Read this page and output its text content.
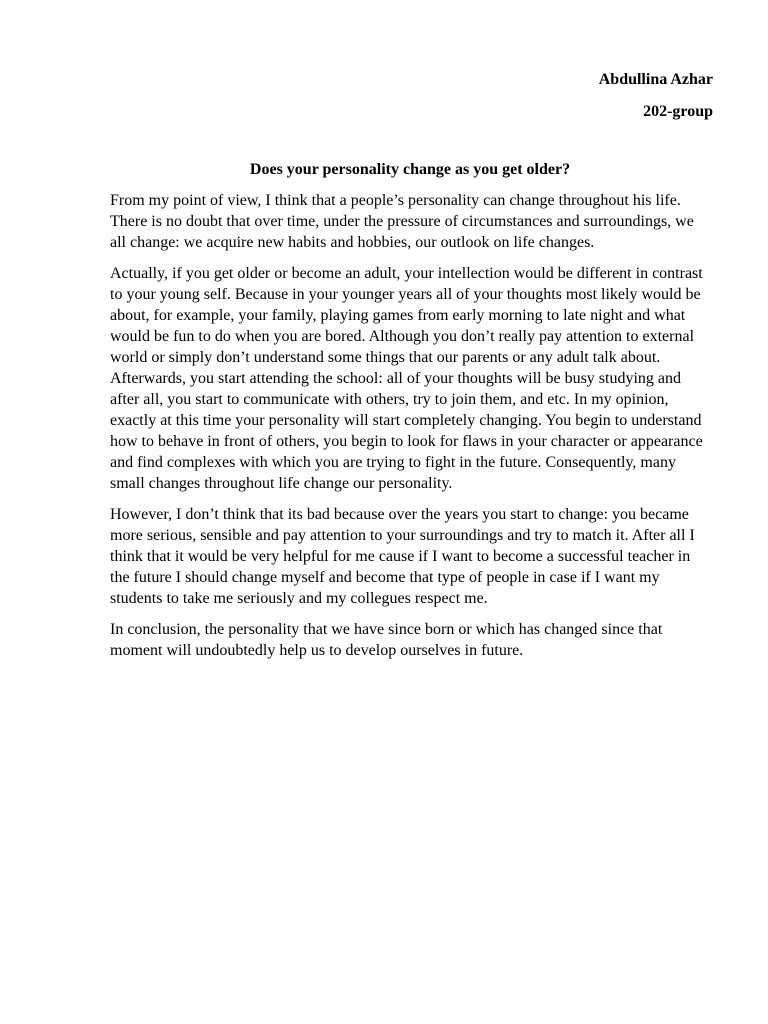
Abdullina Azhar
202-group
Does your personality change as you get older?

From my point of view, I think that a people’s personality can change throughout his life. There is no doubt that over time, under the pressure of circumstances and surroundings, we all change: we acquire new habits and hobbies, our outlook on life changes.

Actually, if you get older or become an adult, your intellection would be different in contrast to your young self. Because in your younger years all of your thoughts most likely would be about, for example, your family, playing games from early morning to late night and what would be fun to do when you are bored. Although you don’t really pay attention to external world or simply don’t understand some things that our parents or any adult talk about. Afterwards, you start attending the school: all of your thoughts will be busy studying and after all, you start to communicate with others, try to join them, and etc. In my opinion, exactly at this time your personality will start completely changing. You begin to understand how to behave in front of others, you begin to look for flaws in your character or appearance and find complexes with which you are trying to fight in the future. Consequently, many small changes throughout life change our personality.

However, I don’t think that its bad because over the years you start to change: you became more serious, sensible and pay attention to your surroundings and try to match it. After all I think that it would be very helpful for me cause if I want to become a successful teacher in the future I should change myself and become that type of people in case if I want my students to take me seriously and my collegues respect me.

In conclusion, the personality that we have since born or which has changed since that moment will undoubtedly help us to develop ourselves in future.
